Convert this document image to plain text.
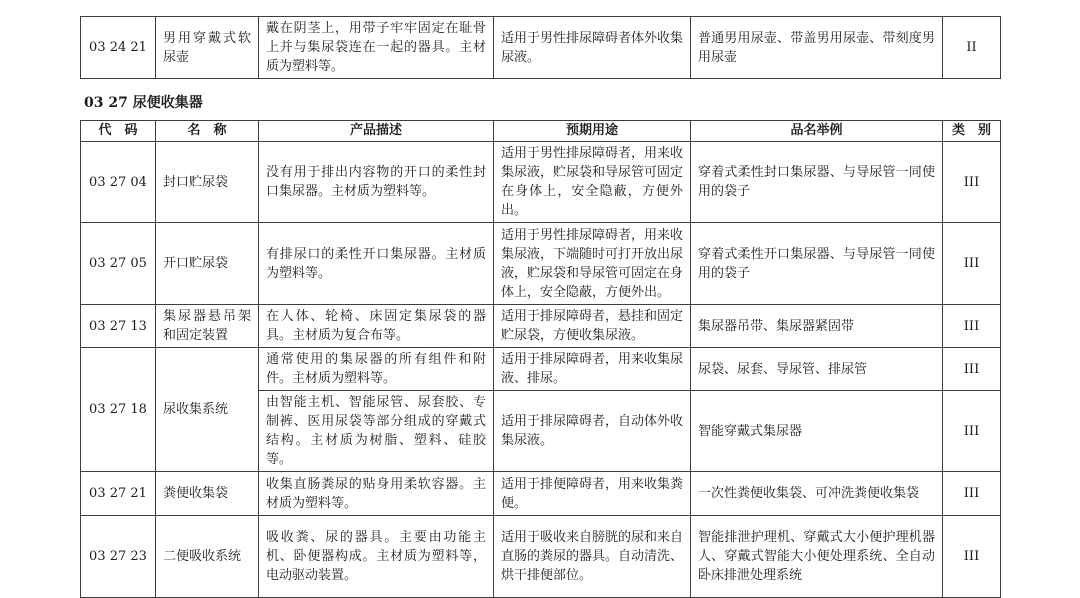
03 24 21	男用穿戴式软尿壶	戴在阴茎上，用带子牢牢固定在耻骨上并与集尿袋连在一起的器具。主材质为塑料等。	适用于男性排尿障碍者体外收集尿液。	普通男用尿壶、带盖男用尿壶、带刻度男用尿壶	II
03 27 尿便收集器
代　码	名　称	产品描述	预期用途	品名举例	类　别
03 27 04	封口贮尿袋	没有用于排出内容物的开口的柔性封口集尿器。主材质为塑料等。	适用于男性排尿障碍者，用来收集尿液，贮尿袋和导尿管可固定在身体上，安全隐蔽，方便外出。	穿着式柔性封口集尿器、与导尿管一同使用的袋子	III
03 27 05	开口贮尿袋	有排尿口的柔性开口集尿器。主材质为塑料等。	适用于男性排尿障碍者，用来收集尿液，下端随时可打开放出尿液，贮尿袋和导尿管可固定在身体上，安全隐蔽，方便外出。	穿着式柔性开口集尿器、与导尿管一同使用的袋子	III
03 27 13	集尿器悬吊架和固定装置	在人体、轮椅、床固定集尿袋的器具。主材质为复合布等。	适用于排尿障碍者，悬挂和固定贮尿袋，方便收集尿液。	集尿器吊带、集尿器紧固带	III
03 27 18	尿收集系统	通常使用的集尿器的所有组件和附件。主材质为塑料等。	适用于排尿障碍者，用来收集尿液、排尿。	尿袋、尿套、导尿管、排尿管	III
		由智能主机、智能尿管、尿套胶、专制裤、医用尿袋等部分组成的穿戴式结构。主材质为树脂、塑料、硅胶等。	适用于排尿障碍者，自动体外收集尿液。	智能穿戴式集尿器	III
03 27 21	粪便收集袋	收集直肠粪尿的贴身用柔软容器。主材质为塑料等。	适用于排便障碍者，用来收集粪便。	一次性粪便收集袋、可冲洗粪便收集袋	III
03 27 23	二便吸收系统	吸收粪、尿的器具。主要由功能主机、卧便器构成。主材质为塑料等，电动驱动装置。	适用于吸收来自膀胱的尿和来自直肠的粪尿的器具。自动清洗、烘干排便部位。	智能排泄护理机、穿戴式大小便护理机器人、穿戴式智能大小便处理系统、全自动卧床排泄处理系统	III
